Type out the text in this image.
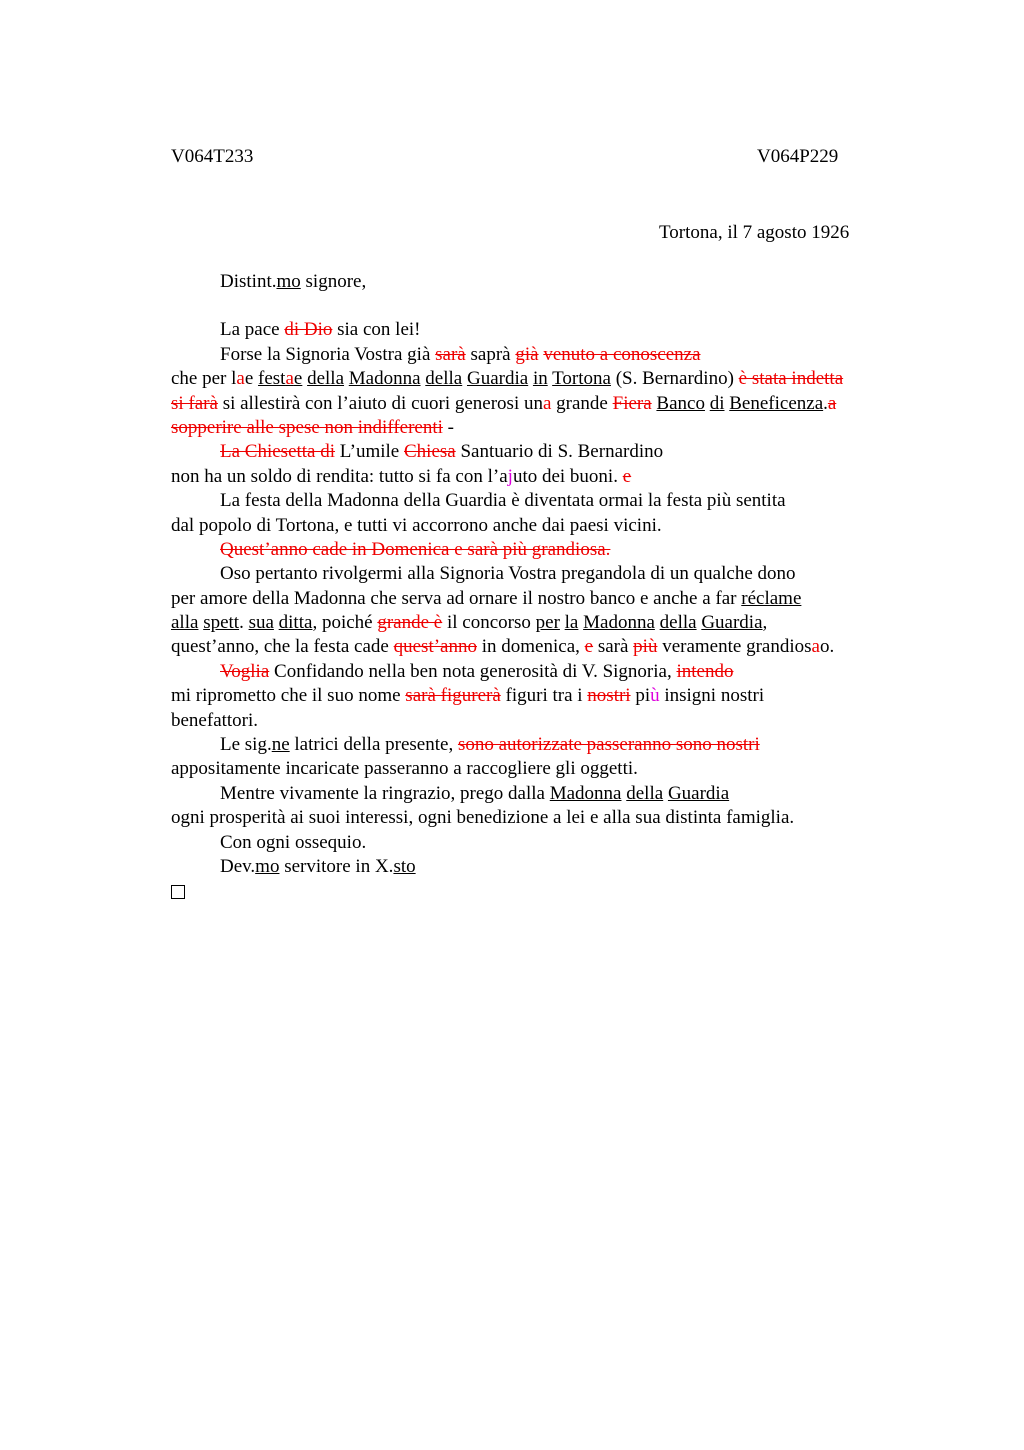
V064T233	V064P229
Tortona, il 7 agosto 1926
Distint.mo signore,
La pace di Dio sia con lei!
Forse la Signoria Vostra già sarà saprà già venuto a conoscenza
che per lae festae della Madonna della Guardia in Tortona (S. Bernardino) è stata indetta
si farà si allestirà con l’aiuto di cuori generosi una grande Fiera Banco di Beneficenza.a
sopperire alle spese non indifferenti -
La Chiesetta di L’umile Chiesa Santuario di S. Bernardino
non ha un soldo di rendita: tutto si fa con l’ajuto dei buoni. e
La festa della Madonna della Guardia è diventata ormai la festa più sentita
dal popolo di Tortona, e tutti vi accorrono anche dai paesi vicini.
Quest’anno cade in Domenica e sarà più grandiosa.
Oso pertanto rivolgermi alla Signoria Vostra pregandola di un qualche dono
per amore della Madonna che serva ad ornare il nostro banco e anche a far réclame
alla spett. sua ditta, poiché grande è il concorso per la Madonna della Guardia,
quest’anno, che la festa cade quest’anno in domenica, e sarà più veramente grandiosao.
Voglia Confidando nella ben nota generosità di V. Signoria, intendo
mi riprometto che il suo nome sarà figurerà figuri tra i nostri più insigni nostri
benefattori.
Le sig.ne latrici della presente, sono autorizzate passeranno sono nostri
appositamente incaricate passeranno a raccogliere gli oggetti.
Mentre vivamente la ringrazio, prego dalla Madonna della Guardia
ogni prosperità ai suoi interessi, ogni benedizione a lei e alla sua distinta famiglia.
Con ogni ossequio.
Dev.mo servitore in X.sto
